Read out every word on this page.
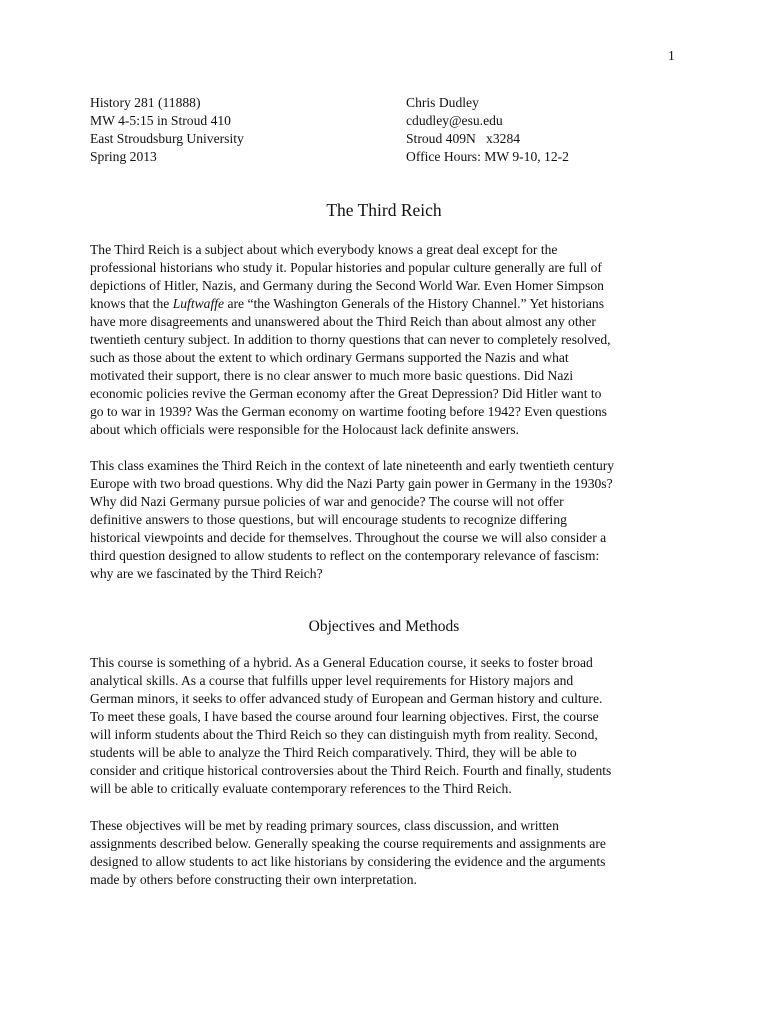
1
History 281 (11888)
MW 4-5:15 in Stroud 410
East Stroudsburg University
Spring 2013
Chris Dudley
cdudley@esu.edu
Stroud 409N   x3284
Office Hours: MW 9-10, 12-2
The Third Reich
The Third Reich is a subject about which everybody knows a great deal except for the
professional historians who study it. Popular histories and popular culture generally are full of
depictions of Hitler, Nazis, and Germany during the Second World War. Even Homer Simpson
knows that the Luftwaffe are “the Washington Generals of the History Channel.” Yet historians
have more disagreements and unanswered about the Third Reich than about almost any other
twentieth century subject. In addition to thorny questions that can never to completely resolved,
such as those about the extent to which ordinary Germans supported the Nazis and what
motivated their support, there is no clear answer to much more basic questions. Did Nazi
economic policies revive the German economy after the Great Depression? Did Hitler want to
go to war in 1939? Was the German economy on wartime footing before 1942? Even questions
about which officials were responsible for the Holocaust lack definite answers.
This class examines the Third Reich in the context of late nineteenth and early twentieth century
Europe with two broad questions. Why did the Nazi Party gain power in Germany in the 1930s?
Why did Nazi Germany pursue policies of war and genocide? The course will not offer
definitive answers to those questions, but will encourage students to recognize differing
historical viewpoints and decide for themselves. Throughout the course we will also consider a
third question designed to allow students to reflect on the contemporary relevance of fascism:
why are we fascinated by the Third Reich?
Objectives and Methods
This course is something of a hybrid. As a General Education course, it seeks to foster broad
analytical skills. As a course that fulfills upper level requirements for History majors and
German minors, it seeks to offer advanced study of European and German history and culture.
To meet these goals, I have based the course around four learning objectives. First, the course
will inform students about the Third Reich so they can distinguish myth from reality. Second,
students will be able to analyze the Third Reich comparatively. Third, they will be able to
consider and critique historical controversies about the Third Reich. Fourth and finally, students
will be able to critically evaluate contemporary references to the Third Reich.
These objectives will be met by reading primary sources, class discussion, and written
assignments described below. Generally speaking the course requirements and assignments are
designed to allow students to act like historians by considering the evidence and the arguments
made by others before constructing their own interpretation.
